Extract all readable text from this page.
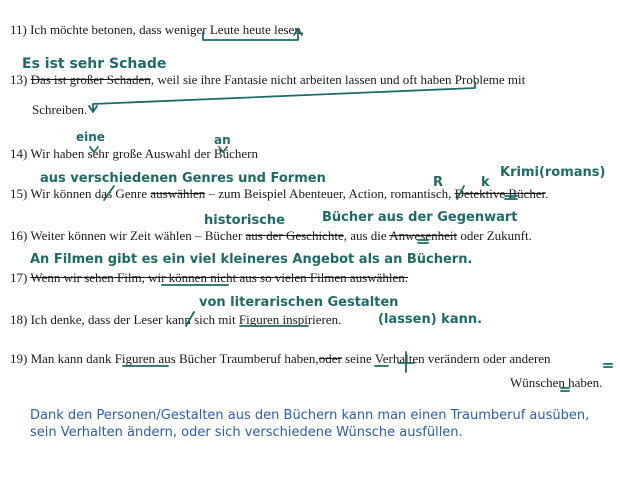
11) Ich möchte betonen, dass weniger Leute heute lesen.
Es ist sehr Schade
13) Das ist großer Schaden, weil sie ihre Fantasie nicht arbeiten lassen und oft haben Probleme mit
Schreiben.
eine	an
14) Wir haben sehr große Auswahl der Büchern
aus verschiedenen Genres und Formen	R	k
Krimi(romans)
15) Wir können das Genre auswählen – zum Beispiel Abenteuer, Action, romantisch, Detektive Bücher.
historische	Bücher aus der Gegenwart
16) Weiter können wir Zeit wählen – Bücher aus der Geschichte, aus die Anwesenheit oder Zukunft.
An Filmen gibt es ein viel kleineres Angebot als an Büchern.
17) Wenn wir sehen Film, wir können nicht aus so vielen Filmen auswählen.
von literarischen Gestalten
18) Ich denke, dass der Leser kann sich mit Figuren inspirieren.	(lassen) kann.
19) Man kann dank Figuren aus Bücher Traumberuf haben,oder seine Verhalten verändern oder anderen
Wünschen haben.
Dank den Personen/Gestalten aus den Büchern kann man einen Traumberuf ausüben, sein Verhalten ändern, oder sich verschiedene Wünsche ausfüllen.
